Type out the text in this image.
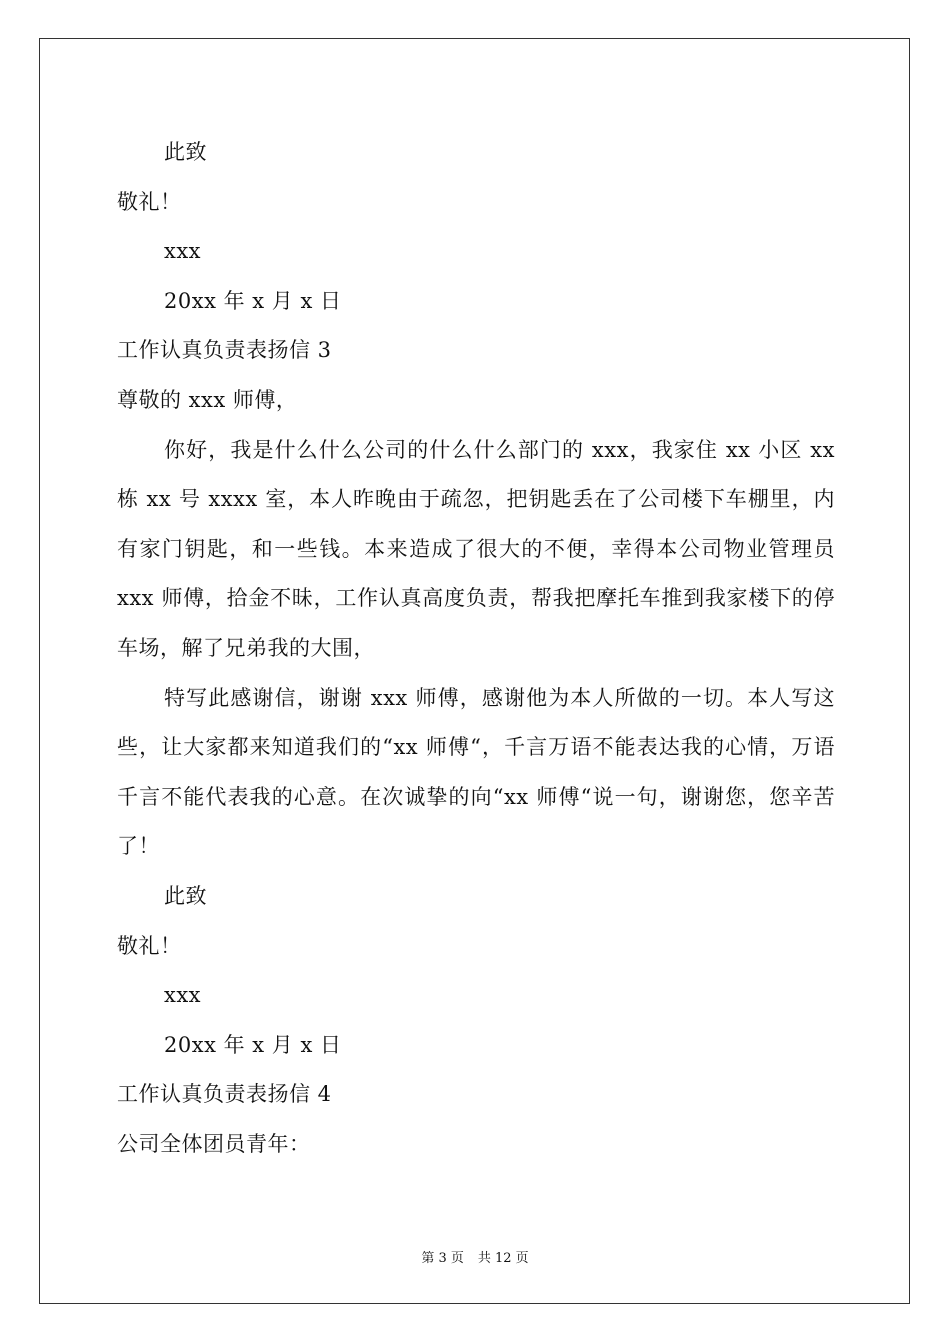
此致
敬礼！
xxx
20xx 年 x 月 x 日
工作认真负责表扬信 3
尊敬的 xxx 师傅，

你好，我是什么什么公司的什么什么部门的 xxx，我家住 xx 小区 xx 栋 xx 号 xxxx 室，本人昨晚由于疏忽，把钥匙丢在了公司楼下车棚里，内有家门钥匙，和一些钱。本来造成了很大的不便，幸得本公司物业管理员 xxx 师傅，拾金不昧，工作认真高度负责，帮我把摩托车推到我家楼下的停车场，解了兄弟我的大围，

特写此感谢信，谢谢 xxx 师傅，感谢他为本人所做的一切。本人写这些，让大家都来知道我们的“xx 师傅“，千言万语不能表达我的心情，万语千言不能代表我的心意。在次诚挚的向“xx 师傅“说一句，谢谢您，您辛苦了！

此致
敬礼！
xxx
20xx 年 x 月 x 日
工作认真负责表扬信 4
公司全体团员青年：
第 3 页 共 12 页
